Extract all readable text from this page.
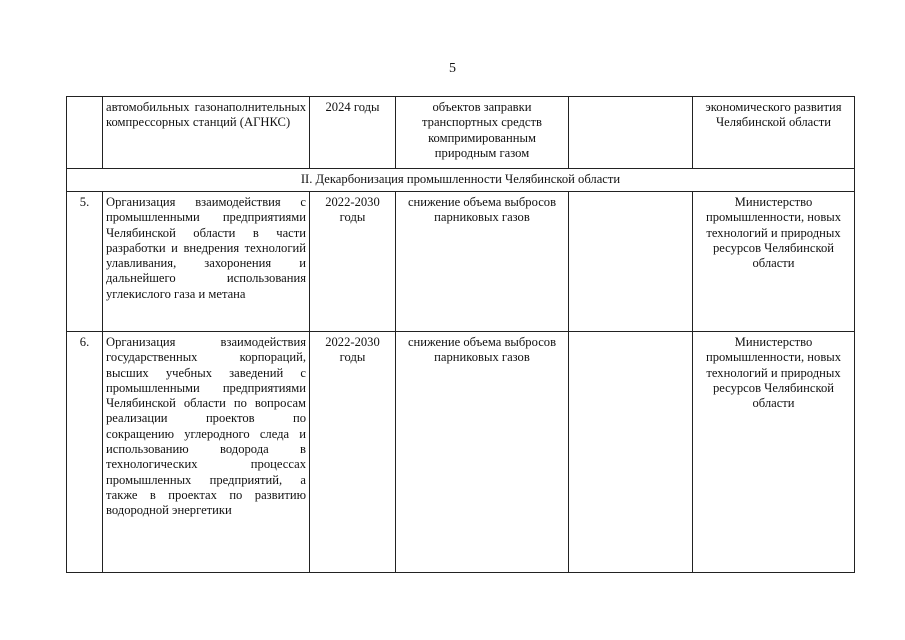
5
	автомобильных газонаполнительных компрессорных станций (АГНКС)	2024 годы	объектов заправки транспортных средств компримированным природным газом		экономического развития Челябинской области
II. Декарбонизация промышленности Челябинской области					
5.	Организация взаимодействия с промышленными предприятиями Челябинской области в части разработки и внедрения технологий улавливания, захоронения и дальнейшего использования углекислого газа и метана	2022-2030 годы	снижение объема выбросов парниковых газов		Министерство промышленности, новых технологий и природных ресурсов Челябинской области
6.	Организация взаимодействия государственных корпораций, высших учебных заведений с промышленными предприятиями Челябинской области по вопросам реализации проектов по сокращению углеродного следа и использованию водорода в технологических процессах промышленных предприятий, а также в проектах по развитию водородной энергетики	2022-2030 годы	снижение объема выбросов парниковых газов		Министерство промышленности, новых технологий и природных ресурсов Челябинской области
